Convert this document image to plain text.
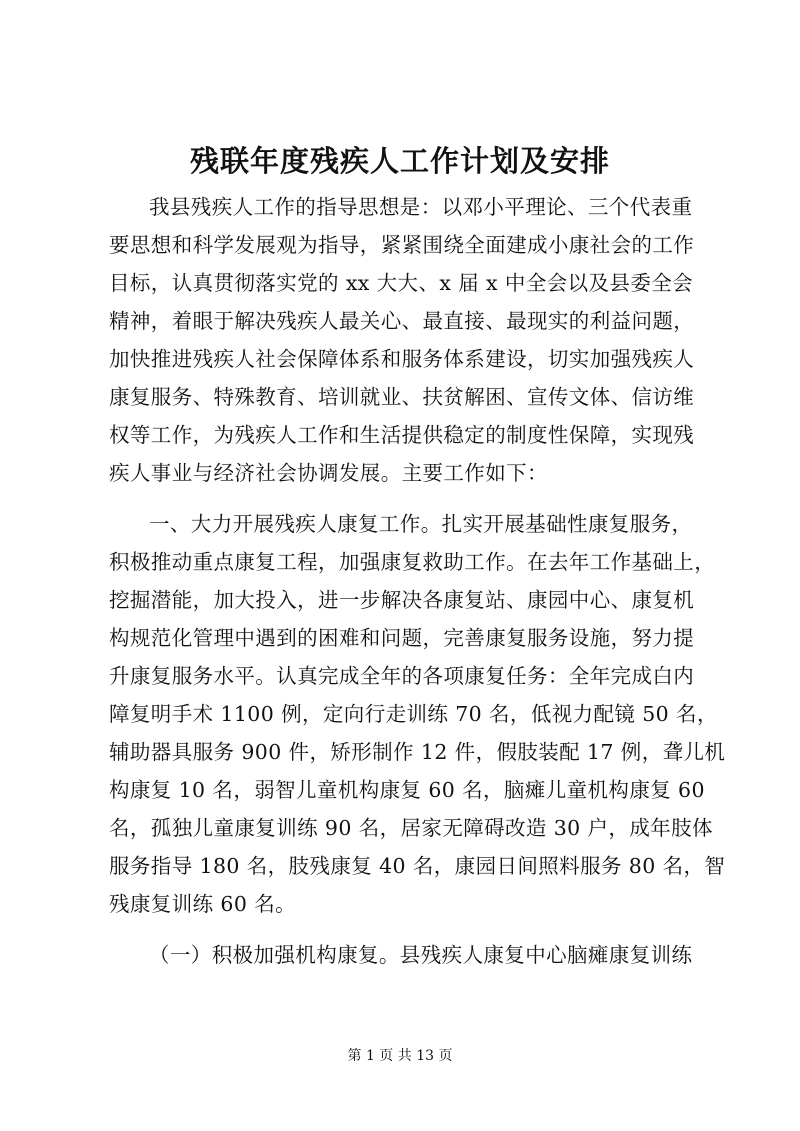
残联年度残疾人工作计划及安排
我县残疾人工作的指导思想是：以邓小平理论、三个代表重
要思想和科学发展观为指导，紧紧围绕全面建成小康社会的工作
目标，认真贯彻落实党的 xx 大大、x 届 x 中全会以及县委全会
精神，着眼于解决残疾人最关心、最直接、最现实的利益问题，
加快推进残疾人社会保障体系和服务体系建设，切实加强残疾人
康复服务、特殊教育、培训就业、扶贫解困、宣传文体、信访维
权等工作，为残疾人工作和生活提供稳定的制度性保障，实现残
疾人事业与经济社会协调发展。主要工作如下：
一、大力开展残疾人康复工作。扎实开展基础性康复服务，
积极推动重点康复工程，加强康复救助工作。在去年工作基础上，
挖掘潜能，加大投入，进一步解决各康复站、康园中心、康复机
构规范化管理中遇到的困难和问题，完善康复服务设施，努力提
升康复服务水平。认真完成全年的各项康复任务：全年完成白内
障复明手术 1100 例，定向行走训练 70 名，低视力配镜 50 名，
辅助器具服务 900 件，矫形制作 12 件，假肢装配 17 例，聋儿机
构康复 10 名，弱智儿童机构康复 60 名，脑瘫儿童机构康复 60
名，孤独儿童康复训练 90 名，居家无障碍改造 30 户，成年肢体
服务指导 180 名，肢残康复 40 名，康园日间照料服务 80 名，智
残康复训练 60 名。
（一）积极加强机构康复。县残疾人康复中心脑瘫康复训练
第 1 页 共 13 页
